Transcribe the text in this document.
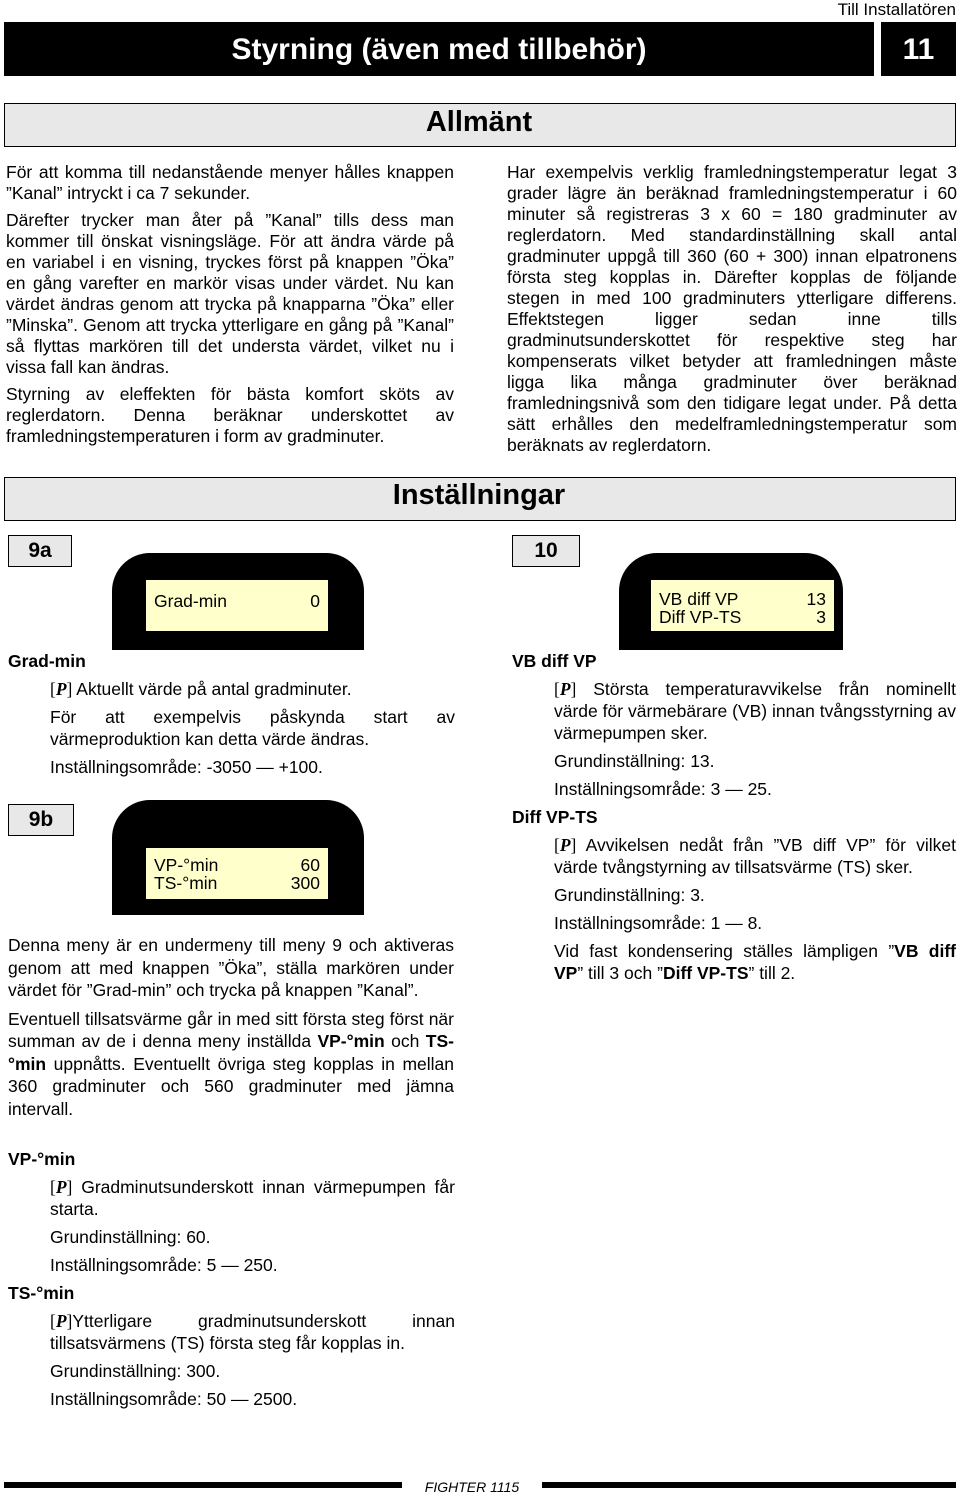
Till Installatören
Styrning (även med tillbehör)	11
Allmänt

För att komma till nedanstående menyer hålles knappen ”Kanal” intryckt i ca 7 sekunder.

Därefter trycker man åter på ”Kanal” tills dess man kommer till önskat visningsläge. För att ändra värde på en variabel i en visning, tryckes först på knappen ”Öka” en gång varefter en markör visas under värdet. Nu kan värdet ändras genom att trycka på knapparna ”Öka” eller ”Minska”. Genom att trycka ytterligare en gång på ”Kanal” så flyttas markören till det understa värdet, vilket nu i vissa fall kan ändras.

Styrning av eleffekten för bästa komfort sköts av reglerdatorn. Denna beräknar underskottet av framledningstemperaturen i form av gradminuter.

Har exempelvis verklig framledningstemperatur legat 3 grader lägre än beräknad framledningstemperatur i 60 minuter så registreras 3 x 60 = 180 gradminuter av reglerdatorn. Med standardinställning skall antal gradminuter uppgå till 360 (60 + 300) innan elpatronens första steg kopplas in. Därefter kopplas de följande stegen in med 100 gradminuters ytterligare differens. Effektstegen ligger sedan inne tills gradminutsunderskottet för respektive steg har kompenserats vilket betyder att framledningen måste ligga lika många gradminuter över beräknad framledningsnivå som den tidigare legat under. På detta sätt erhålles den medelframledningstemperatur som beräknats av reglerdatorn.

Inställningar
9a
Grad-min	0
Grad-min

[P] Aktuellt värde på antal gradminuter.

För att exempelvis påskynda start av värmeproduktion kan detta värde ändras.

Inställningsområde: -3050 — +100.

9b
VP-°min	60
TS-°min	300

Denna meny är en undermeny till meny 9 och aktiveras genom att med knappen ”Öka”, ställa markören under värdet för ”Grad-min” och trycka på knappen ”Kanal”.

Eventuell tillsatsvärme går in med sitt första steg först när summan av de i denna meny inställda VP-°min och TS-°min uppnåtts. Eventuellt övriga steg kopplas in mellan 360 gradminuter och 560 gradminuter med jämna intervall.

VP-°min

[P] Gradminutsunderskott innan värmepumpen får starta.

Grundinställning: 60.

Inställningsområde: 5 — 250.

TS-°min

[P]Ytterligare gradminutsunderskott innan tillsatsvärmens (TS) första steg får kopplas in.

Grundinställning: 300.

Inställningsområde: 50 — 2500.

10
VB diff VP	13
Diff VP-TS	3
VB diff VP

[P] Största temperaturavvikelse från nominellt värde för värmebärare (VB) innan tvångsstyrning av värmepumpen sker.

Grundinställning: 13.

Inställningsområde: 3 — 25.

Diff VP-TS

[P] Avvikelsen nedåt från ”VB diff VP” för vilket värde tvångstyrning av tillsatsvärme (TS) sker.

Grundinställning: 3.

Inställningsområde: 1 — 8.

Vid fast kondensering ställes lämpligen ”VB diff VP” till 3 och ”Diff VP-TS” till 2.

FIGHTER 1115
